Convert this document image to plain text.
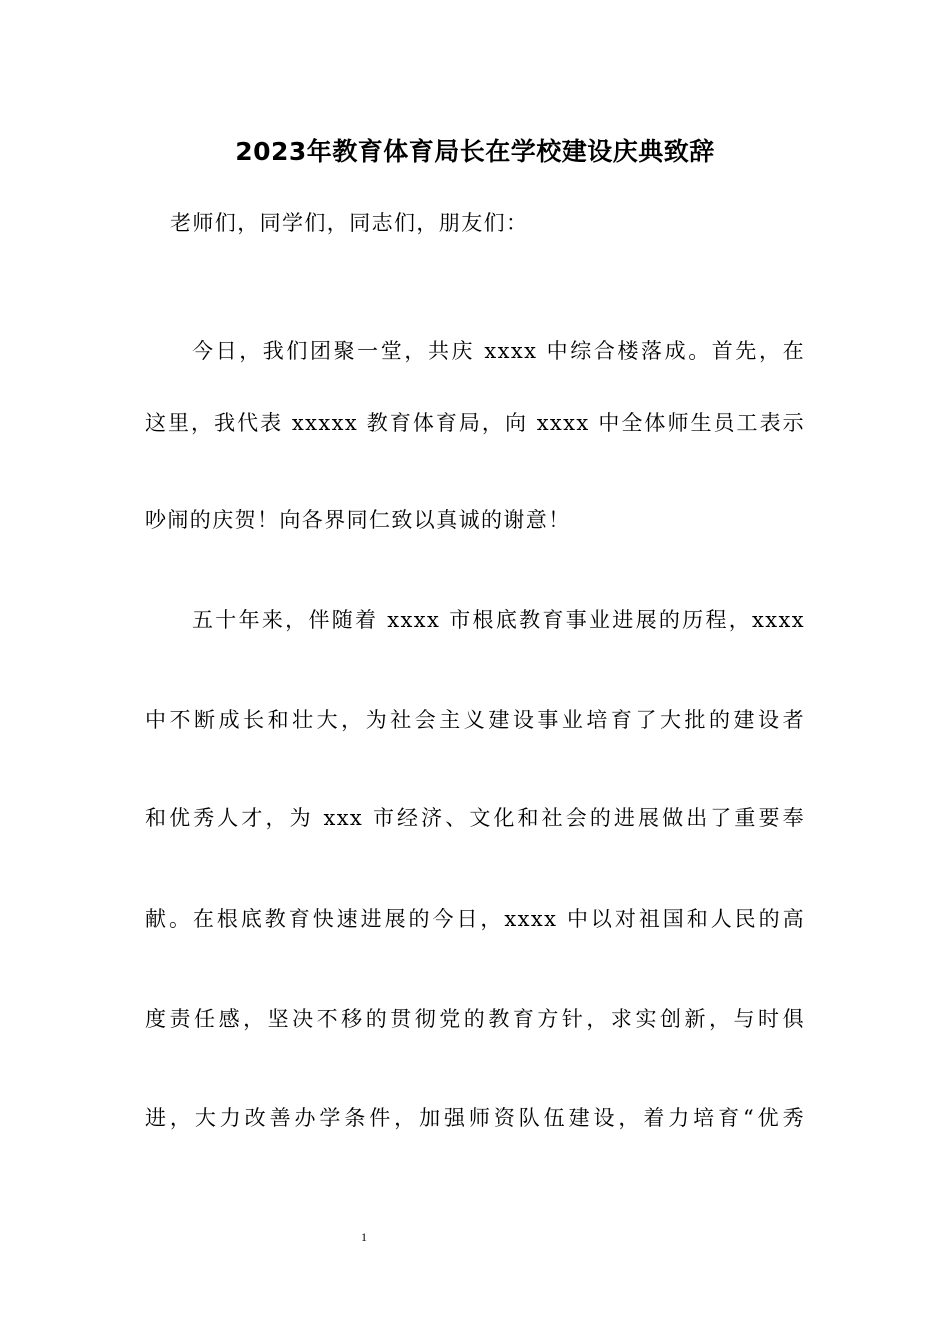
2023年教育体育局长在学校建设庆典致辞
老师们，同学们，同志们，朋友们：
今日，我们团聚一堂，共庆 xxxx 中综合楼落成。首先，在
这里，我代表 xxxxx 教育体育局，向 xxxx 中全体师生员工表示
吵闹的庆贺！向各界同仁致以真诚的谢意！
五十年来，伴随着 xxxx 市根底教育事业进展的历程，xxxx
中不断成长和壮大，为社会主义建设事业培育了大批的建设者
和优秀人才，为 xxx 市经济、文化和社会的进展做出了重要奉
献。在根底教育快速进展的今日，xxxx 中以对祖国和人民的高
度责任感，坚决不移的贯彻党的教育方针，求实创新，与时俱
进，大力改善办学条件，加强师资队伍建设，着力培育“优秀
1
